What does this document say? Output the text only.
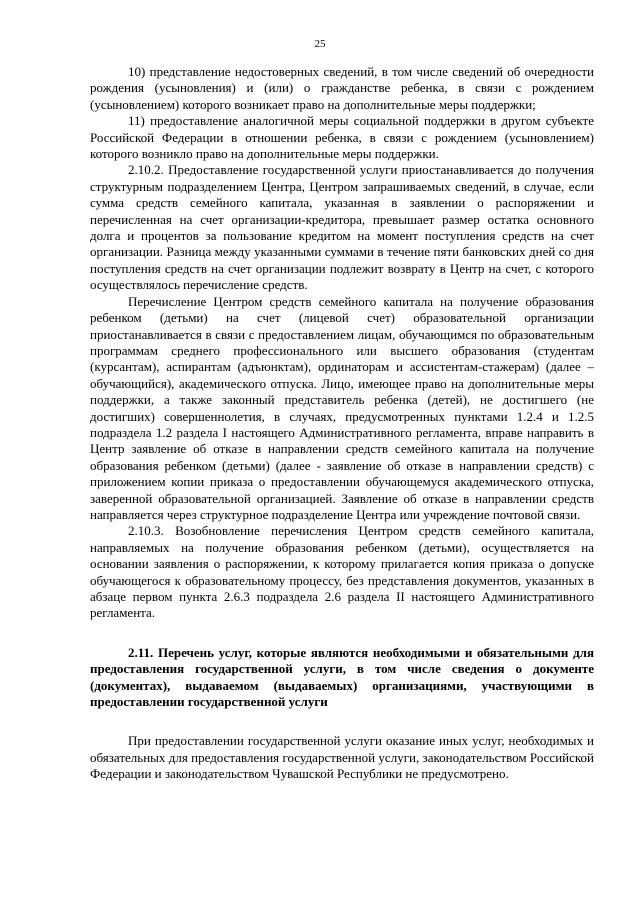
25

10) представление недостоверных сведений, в том числе сведений об очередности рождения (усыновления) и (или) о гражданстве ребенка, в связи с рождением (усыновлением) которого возникает право на дополнительные меры поддержки;

11) предоставление аналогичной меры социальной поддержки в другом субъекте Российской Федерации в отношении ребенка, в связи с рождением (усыновлением) которого возникло право на дополнительные меры поддержки.

2.10.2. Предоставление государственной услуги приостанавливается до получения структурным подразделением Центра, Центром запрашиваемых сведений, в случае, если сумма средств семейного капитала, указанная в заявлении о распоряжении и перечисленная на счет организации-кредитора, превышает размер остатка основного долга и процентов за пользование кредитом на момент поступления средств на счет организации. Разница между указанными суммами в течение пяти банковских дней со дня поступления средств на счет организации подлежит возврату в Центр на счет, с которого осуществлялось перечисление средств.

Перечисление Центром средств семейного капитала на получение образования ребенком (детьми) на счет (лицевой счет) образовательной организации приостанавливается в связи с предоставлением лицам, обучающимся по образовательным программам среднего профессионального или высшего образования (студентам (курсантам), аспирантам (адъюнктам), ординаторам и ассистентам-стажерам) (далее – обучающийся), академического отпуска. Лицо, имеющее право на дополнительные меры поддержки, а также законный представитель ребенка (детей), не достигшего (не достигших) совершеннолетия, в случаях, предусмотренных пунктами 1.2.4 и 1.2.5 подраздела 1.2 раздела I настоящего Административного регламента, вправе направить в Центр заявление об отказе в направлении средств семейного капитала на получение образования ребенком (детьми) (далее - заявление об отказе в направлении средств) с приложением копии приказа о предоставлении обучающемуся академического отпуска, заверенной образовательной организацией. Заявление об отказе в направлении средств направляется через структурное подразделение Центра или учреждение почтовой связи.

2.10.3. Возобновление перечисления Центром средств семейного капитала, направляемых на получение образования ребенком (детьми), осуществляется на основании заявления о распоряжении, к которому прилагается копия приказа о допуске обучающегося к образовательному процессу, без представления документов, указанных в абзаце первом пункта 2.6.3 подраздела 2.6 раздела II настоящего Административного регламента.

2.11. Перечень услуг, которые являются необходимыми и обязательными для предоставления государственной услуги, в том числе сведения о документе (документах), выдаваемом (выдаваемых) организациями, участвующими в предоставлении государственной услуги

При предоставлении государственной услуги оказание иных услуг, необходимых и обязательных для предоставления государственной услуги, законодательством Российской Федерации и законодательством Чувашской Республики не предусмотрено.
